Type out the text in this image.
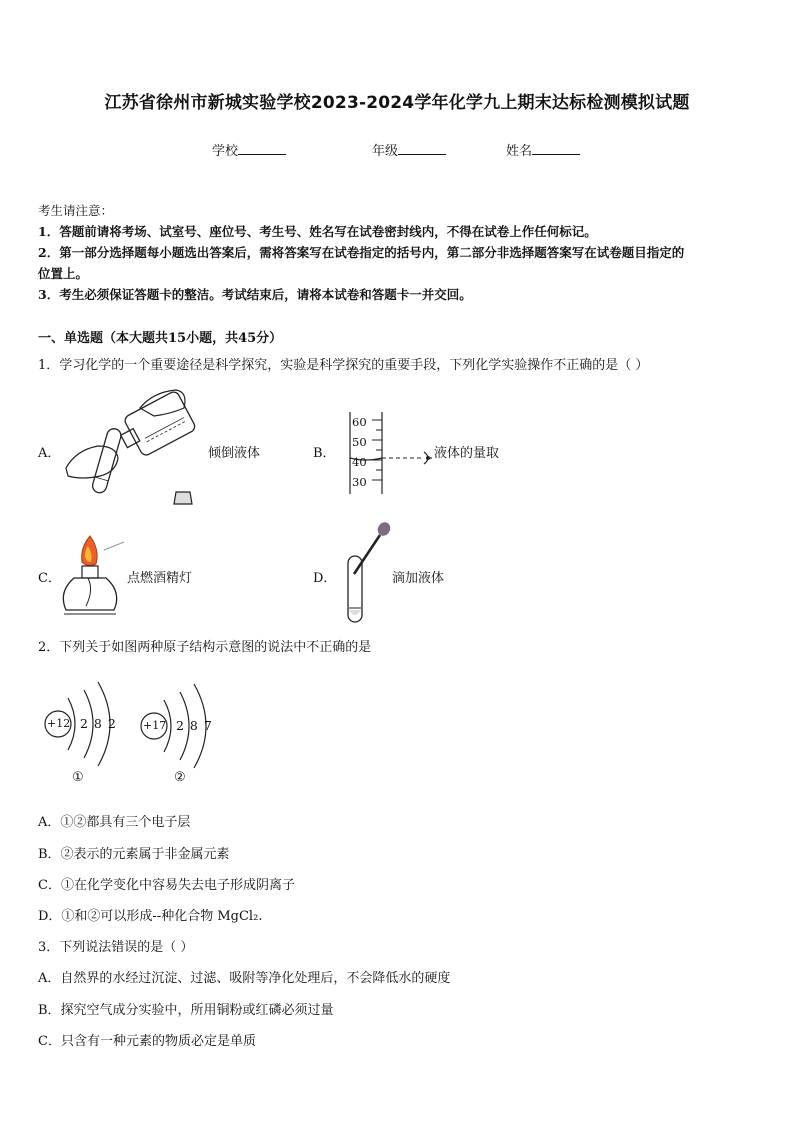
江苏省徐州市新城实验学校2023-2024学年化学九上期末达标检测模拟试题
学校	年级	姓名
考生请注意：
1．答题前请将考场、试室号、座位号、考生号、姓名写在试卷密封线内，不得在试卷上作任何标记。
2．第一部分选择题每小题选出答案后，需将答案写在试卷指定的括号内，第二部分非选择题答案写在试卷题目指定的
位置上。
3．考生必须保证答题卡的整洁。考试结束后，请将本试卷和答题卡一并交回。
一、单选题（本大题共15小题，共45分）
1．学习化学的一个重要途径是科学探究，实验是科学探究的重要手段，下列化学实验操作不正确的是（ ）
A．	倾倒液体	B．
60
50
40
30
液体的量取
C．	点燃酒精灯	D．	滴加液体
2．下列关于如图两种原子结构示意图的说法中不正确的是
+12 2 8 2 +17 2 8 7
①	②
A．①②都具有三个电子层
B．②表示的元素属于非金属元素
C．①在化学变化中容易失去电子形成阴离子
D．①和②可以形成--种化合物 MgCl₂.
3．下列说法错误的是（ ）
A．自然界的水经过沉淀、过滤、吸附等净化处理后，不会降低水的硬度
B．探究空气成分实验中，所用铜粉或红磷必须过量
C．只含有一种元素的物质必定是单质
